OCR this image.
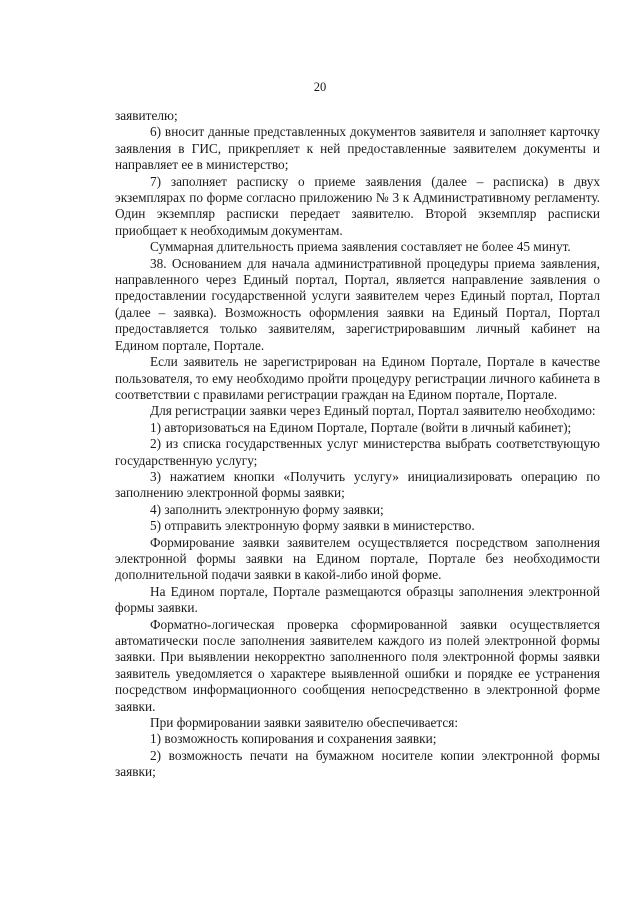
20

заявителю;

6) вносит данные представленных документов заявителя и заполняет карточку заявления в ГИС, прикрепляет к ней предоставленные заявителем документы и направляет ее в министерство;

7) заполняет расписку о приеме заявления (далее – расписка) в двух экземплярах по форме согласно приложению № 3 к Административному регламенту. Один экземпляр расписки передает заявителю. Второй экземпляр расписки приобщает к необходимым документам.

Суммарная длительность приема заявления составляет не более 45 минут.

38. Основанием для начала административной процедуры приема заявления, направленного через Единый портал, Портал, является направление заявления о предоставлении государственной услуги заявителем через Единый портал, Портал (далее – заявка). Возможность оформления заявки на Единый Портал, Портал предоставляется только заявителям, зарегистрировавшим личный кабинет на Едином портале, Портале.

Если заявитель не зарегистрирован на Едином Портале, Портале в качестве пользователя, то ему необходимо пройти процедуру регистрации личного кабинета в соответствии с правилами регистрации граждан на Едином портале, Портале.

Для регистрации заявки через Единый портал, Портал заявителю необходимо:

1) авторизоваться на Едином Портале, Портале (войти в личный кабинет);

2) из списка государственных услуг министерства выбрать соответствующую государственную услугу;

3) нажатием кнопки «Получить услугу» инициализировать операцию по заполнению электронной формы заявки;

4) заполнить электронную форму заявки;

5) отправить электронную форму заявки в министерство.

Формирование заявки заявителем осуществляется посредством заполнения электронной формы заявки на Едином портале, Портале без необходимости дополнительной подачи заявки в какой-либо иной форме.

На Едином портале, Портале размещаются образцы заполнения электронной формы заявки.

Форматно-логическая проверка сформированной заявки осуществляется автоматически после заполнения заявителем каждого из полей электронной формы заявки. При выявлении некорректно заполненного поля электронной формы заявки заявитель уведомляется о характере выявленной ошибки и порядке ее устранения посредством информационного сообщения непосредственно в электронной форме заявки.

При формировании заявки заявителю обеспечивается:

1) возможность копирования и сохранения заявки;

2) возможность печати на бумажном носителе копии электронной формы заявки;
